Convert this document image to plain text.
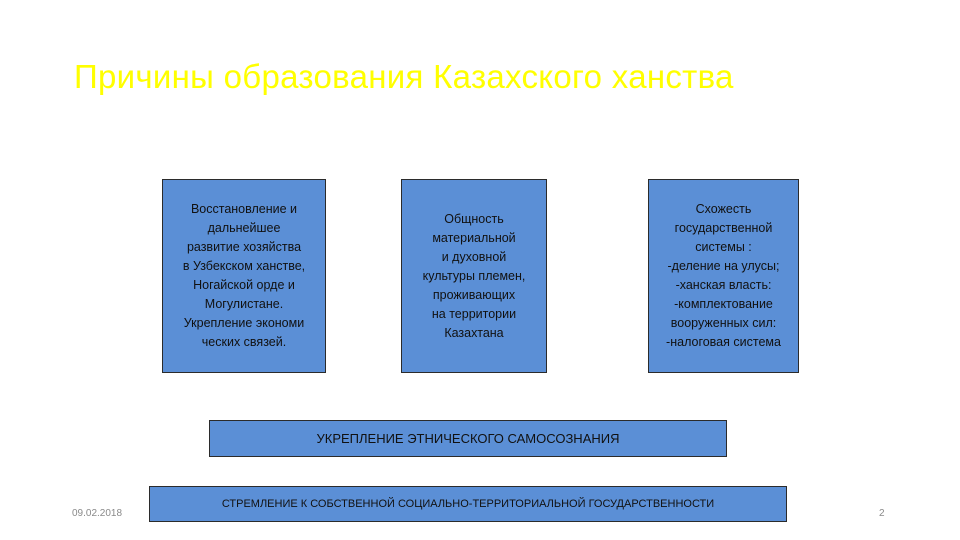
Причины образования Казахского ханства
Восстановление и
дальнейшее
развитие хозяйства
в Узбекском ханстве,
Ногайской орде и
Могулистане.
Укрепление экономи
ческих связей.
Общность
материальной
и духовной
культуры племен,
проживающих
на территории
Казахтана
Схожесть
государственной
системы :
-деление на улусы;
-ханская власть:
-комплектование
вооруженных сил:
-налоговая система
УКРЕПЛЕНИЕ ЭТНИЧЕСКОГО САМОСОЗНАНИЯ
СТРЕМЛЕНИЕ К СОБСТВЕННОЙ СОЦИАЛЬНО-ТЕРРИТОРИАЛЬНОЙ ГОСУДАРСТВЕННОСТИ
09.02.2018	2
